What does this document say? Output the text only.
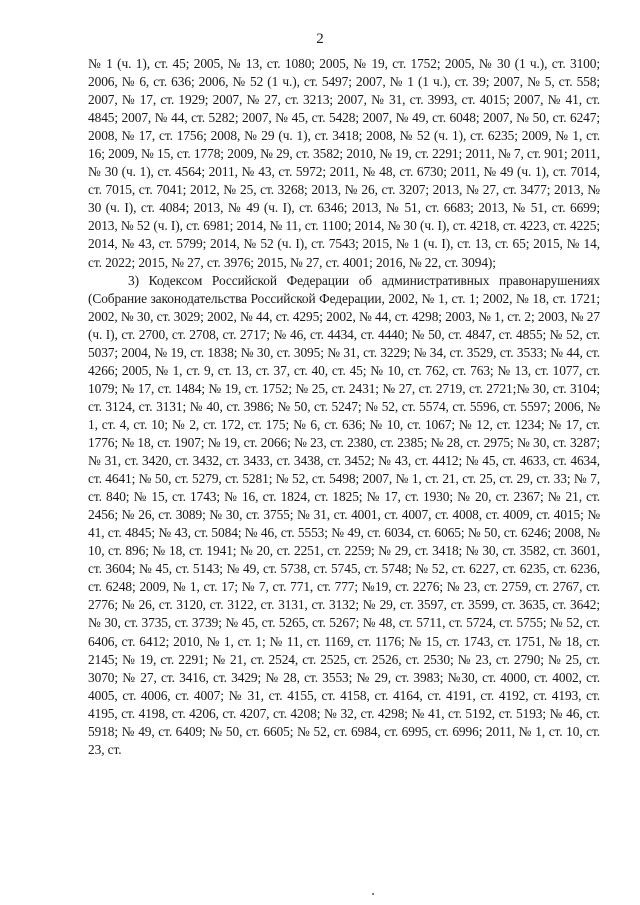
2

№ 1 (ч. 1), ст. 45; 2005, № 13, ст. 1080; 2005, № 19, ст. 1752; 2005, № 30 (1 ч.), ст. 3100; 2006, № 6, ст. 636; 2006, № 52 (1 ч.), ст. 5497; 2007, № 1 (1 ч.), ст. 39; 2007, № 5, ст. 558; 2007, № 17, ст. 1929; 2007, № 27, ст. 3213; 2007, № 31, ст. 3993, ст. 4015; 2007, № 41, ст. 4845; 2007, № 44, ст. 5282; 2007, № 45, ст. 5428; 2007, № 49, ст. 6048; 2007, № 50, ст. 6247; 2008, № 17, ст. 1756; 2008, № 29 (ч. 1), ст. 3418; 2008, № 52 (ч. 1), ст. 6235; 2009, № 1, ст. 16; 2009, № 15, ст. 1778; 2009, № 29, ст. 3582; 2010, № 19, ст. 2291; 2011, № 7, ст. 901; 2011, № 30 (ч. 1), ст. 4564; 2011, № 43, ст. 5972; 2011, № 48, ст. 6730; 2011, № 49 (ч. 1), ст. 7014, ст. 7015, ст. 7041; 2012, № 25, ст. 3268; 2013, № 26, ст. 3207; 2013, № 27, ст. 3477; 2013, № 30 (ч. I), ст. 4084; 2013, № 49 (ч. I), ст. 6346; 2013, № 51, ст. 6683; 2013, № 51, ст. 6699; 2013, № 52 (ч. I), ст. 6981; 2014, № 11, ст. 1100; 2014, № 30 (ч. I), ст. 4218, ст. 4223, ст. 4225; 2014, № 43, ст. 5799; 2014, № 52 (ч. I), ст. 7543; 2015, № 1 (ч. I), ст. 13, ст. 65; 2015, № 14, ст. 2022; 2015, № 27, ст. 3976; 2015, № 27, ст. 4001; 2016, № 22, ст. 3094);

3) Кодексом Российской Федерации об административных правонарушениях (Собрание законодательства Российской Федерации, 2002, № 1, ст. 1; 2002, № 18, ст. 1721; 2002, № 30, ст. 3029; 2002, № 44, ст. 4295; 2002, № 44, ст. 4298; 2003, № 1, ст. 2; 2003, № 27 (ч. I), ст. 2700, ст. 2708, ст. 2717; № 46, ст. 4434, ст. 4440; № 50, ст. 4847, ст. 4855; № 52, ст. 5037; 2004, № 19, ст. 1838; № 30, ст. 3095; № 31, ст. 3229; № 34, ст. 3529, ст. 3533; № 44, ст. 4266; 2005, № 1, ст. 9, ст. 13, ст. 37, ст. 40, ст. 45; № 10, ст. 762, ст. 763; № 13, ст. 1077, ст. 1079; № 17, ст. 1484; № 19, ст. 1752; № 25, ст. 2431; № 27, ст. 2719, ст. 2721;№ 30, ст. 3104; ст. 3124, ст. 3131; № 40, ст. 3986; № 50, ст. 5247; № 52, ст. 5574, ст. 5596, ст. 5597; 2006, № 1, ст. 4, ст. 10; № 2, ст. 172, ст. 175; № 6, ст. 636; № 10, ст. 1067; № 12, ст. 1234; № 17, ст. 1776; № 18, ст. 1907; № 19, ст. 2066; № 23, ст. 2380, ст. 2385; № 28, ст. 2975; № 30, ст. 3287; № 31, ст. 3420, ст. 3432, ст. 3433, ст. 3438, ст. 3452; № 43, ст. 4412; № 45, ст. 4633, ст. 4634, ст. 4641; № 50, ст. 5279, ст. 5281; № 52, ст. 5498; 2007, № 1, ст. 21, ст. 25, ст. 29, ст. 33; № 7, ст. 840; № 15, ст. 1743; № 16, ст. 1824, ст. 1825; № 17, ст. 1930; № 20, ст. 2367; № 21, ст. 2456; № 26, ст. 3089; № 30, ст. 3755; № 31, ст. 4001, ст. 4007, ст. 4008, ст. 4009, ст. 4015; № 41, ст. 4845; № 43, ст. 5084; № 46, ст. 5553; № 49, ст. 6034, ст. 6065; № 50, ст. 6246; 2008, № 10, ст. 896; № 18, ст. 1941; № 20, ст. 2251, ст. 2259; № 29, ст. 3418; № 30, ст. 3582, ст. 3601, ст. 3604; № 45, ст. 5143; № 49, ст. 5738, ст. 5745, ст. 5748; № 52, ст. 6227, ст. 6235, ст. 6236, ст. 6248; 2009, № 1, ст. 17; № 7, ст. 771, ст. 777; №19, ст. 2276; № 23, ст. 2759, ст. 2767, ст. 2776; № 26, ст. 3120, ст. 3122, ст. 3131, ст. 3132; № 29, ст. 3597, ст. 3599, ст. 3635, ст. 3642; № 30, ст. 3735, ст. 3739; № 45, ст. 5265, ст. 5267; № 48, ст. 5711, ст. 5724, ст. 5755; № 52, ст. 6406, ст. 6412; 2010, № 1, ст. 1; № 11, ст. 1169, ст. 1176; № 15, ст. 1743, ст. 1751, № 18, ст. 2145; № 19, ст. 2291; № 21, ст. 2524, ст. 2525, ст. 2526, ст. 2530; № 23, ст. 2790; № 25, ст. 3070; № 27, ст. 3416, ст. 3429; № 28, ст. 3553; № 29, ст. 3983; №30, ст. 4000, ст. 4002, ст. 4005, ст. 4006, ст. 4007; № 31, ст. 4155, ст. 4158, ст. 4164, ст. 4191, ст. 4192, ст. 4193, ст. 4195, ст. 4198, ст. 4206, ст. 4207, ст. 4208; № 32, ст. 4298; № 41, ст. 5192, ст. 5193; № 46, ст. 5918; № 49, ст. 6409; № 50, ст. 6605; № 52, ст. 6984, ст. 6995, ст. 6996; 2011, № 1, ст. 10, ст. 23, ст.
